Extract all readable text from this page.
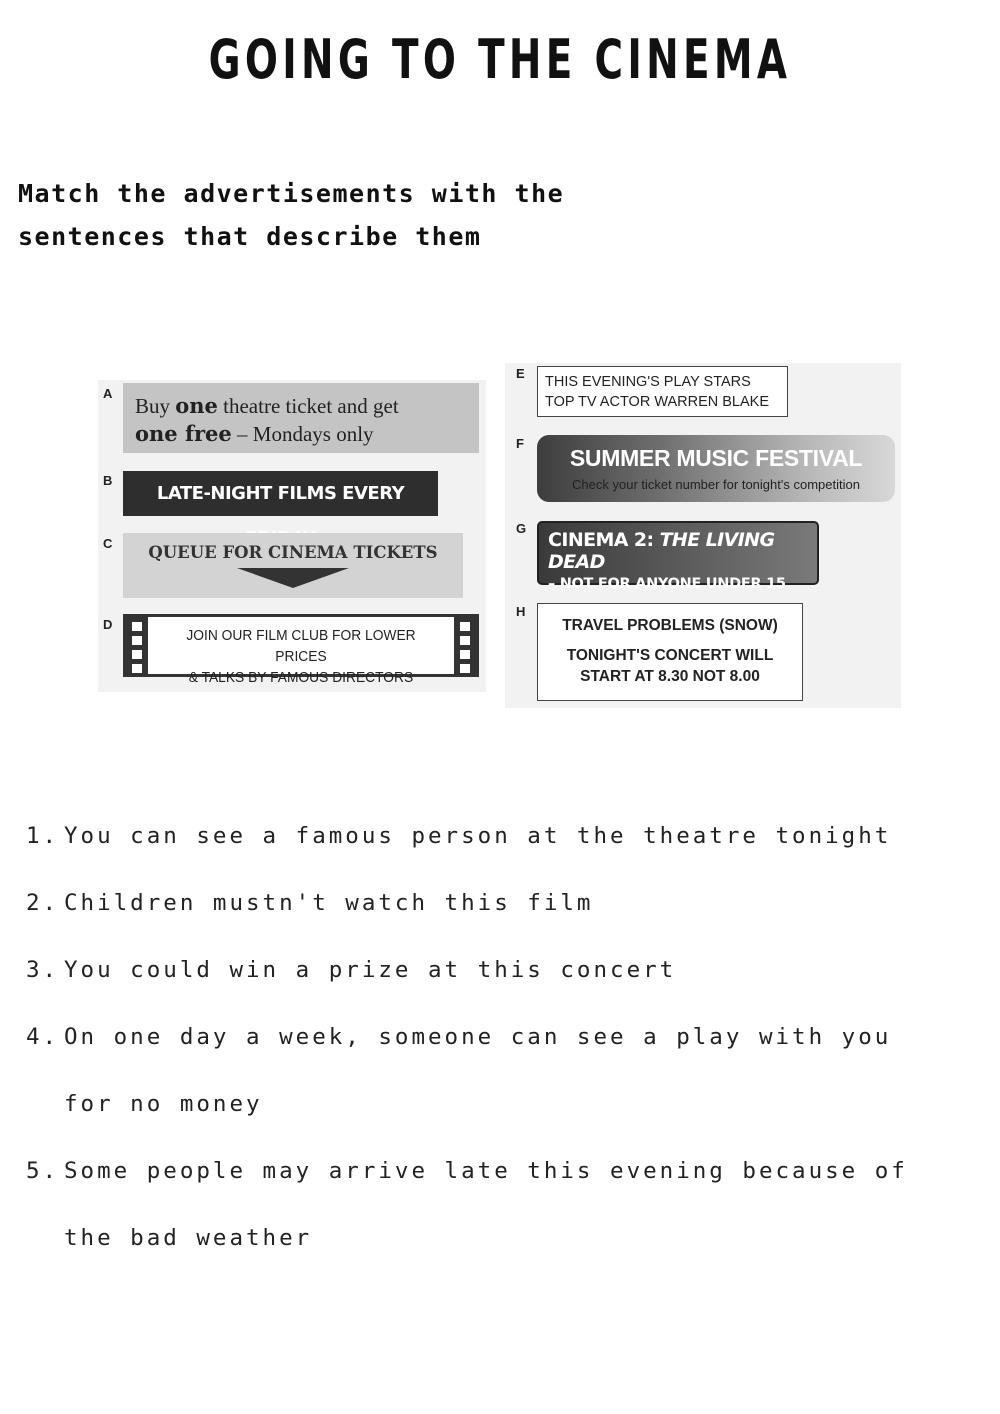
GOING TO THE CINEMA
Match the advertisements with the
sentences that describe them
A
B
C
D
E
F
G
H
Buy one theatre ticket and get
one free – Mondays only
LATE-NIGHT FILMS EVERY
QUEUE FOR CINEMA TICKETS
JOIN OUR FILM CLUB FOR LOWER PRICES
& TALKS BY FAMOUS DIRECTORS
THIS EVENING'S PLAY STARS
TOP TV ACTOR WARREN BLAKE
SUMMER MUSIC FESTIVAL
Check your ticket number for tonight's competition
CINEMA 2: THE LIVING DEAD
– NOT FOR ANYONE UNDER 15
TRAVEL PROBLEMS (SNOW)
TONIGHT'S CONCERT WILL
START AT 8.30 NOT 8.00
1. You can see a famous person at the theatre tonight
2. Children mustn't watch this film
3. You could win a prize at this concert
4. On one day a week, someone can see a play with you
for no money
5. Some people may arrive late this evening because of
the bad weather
